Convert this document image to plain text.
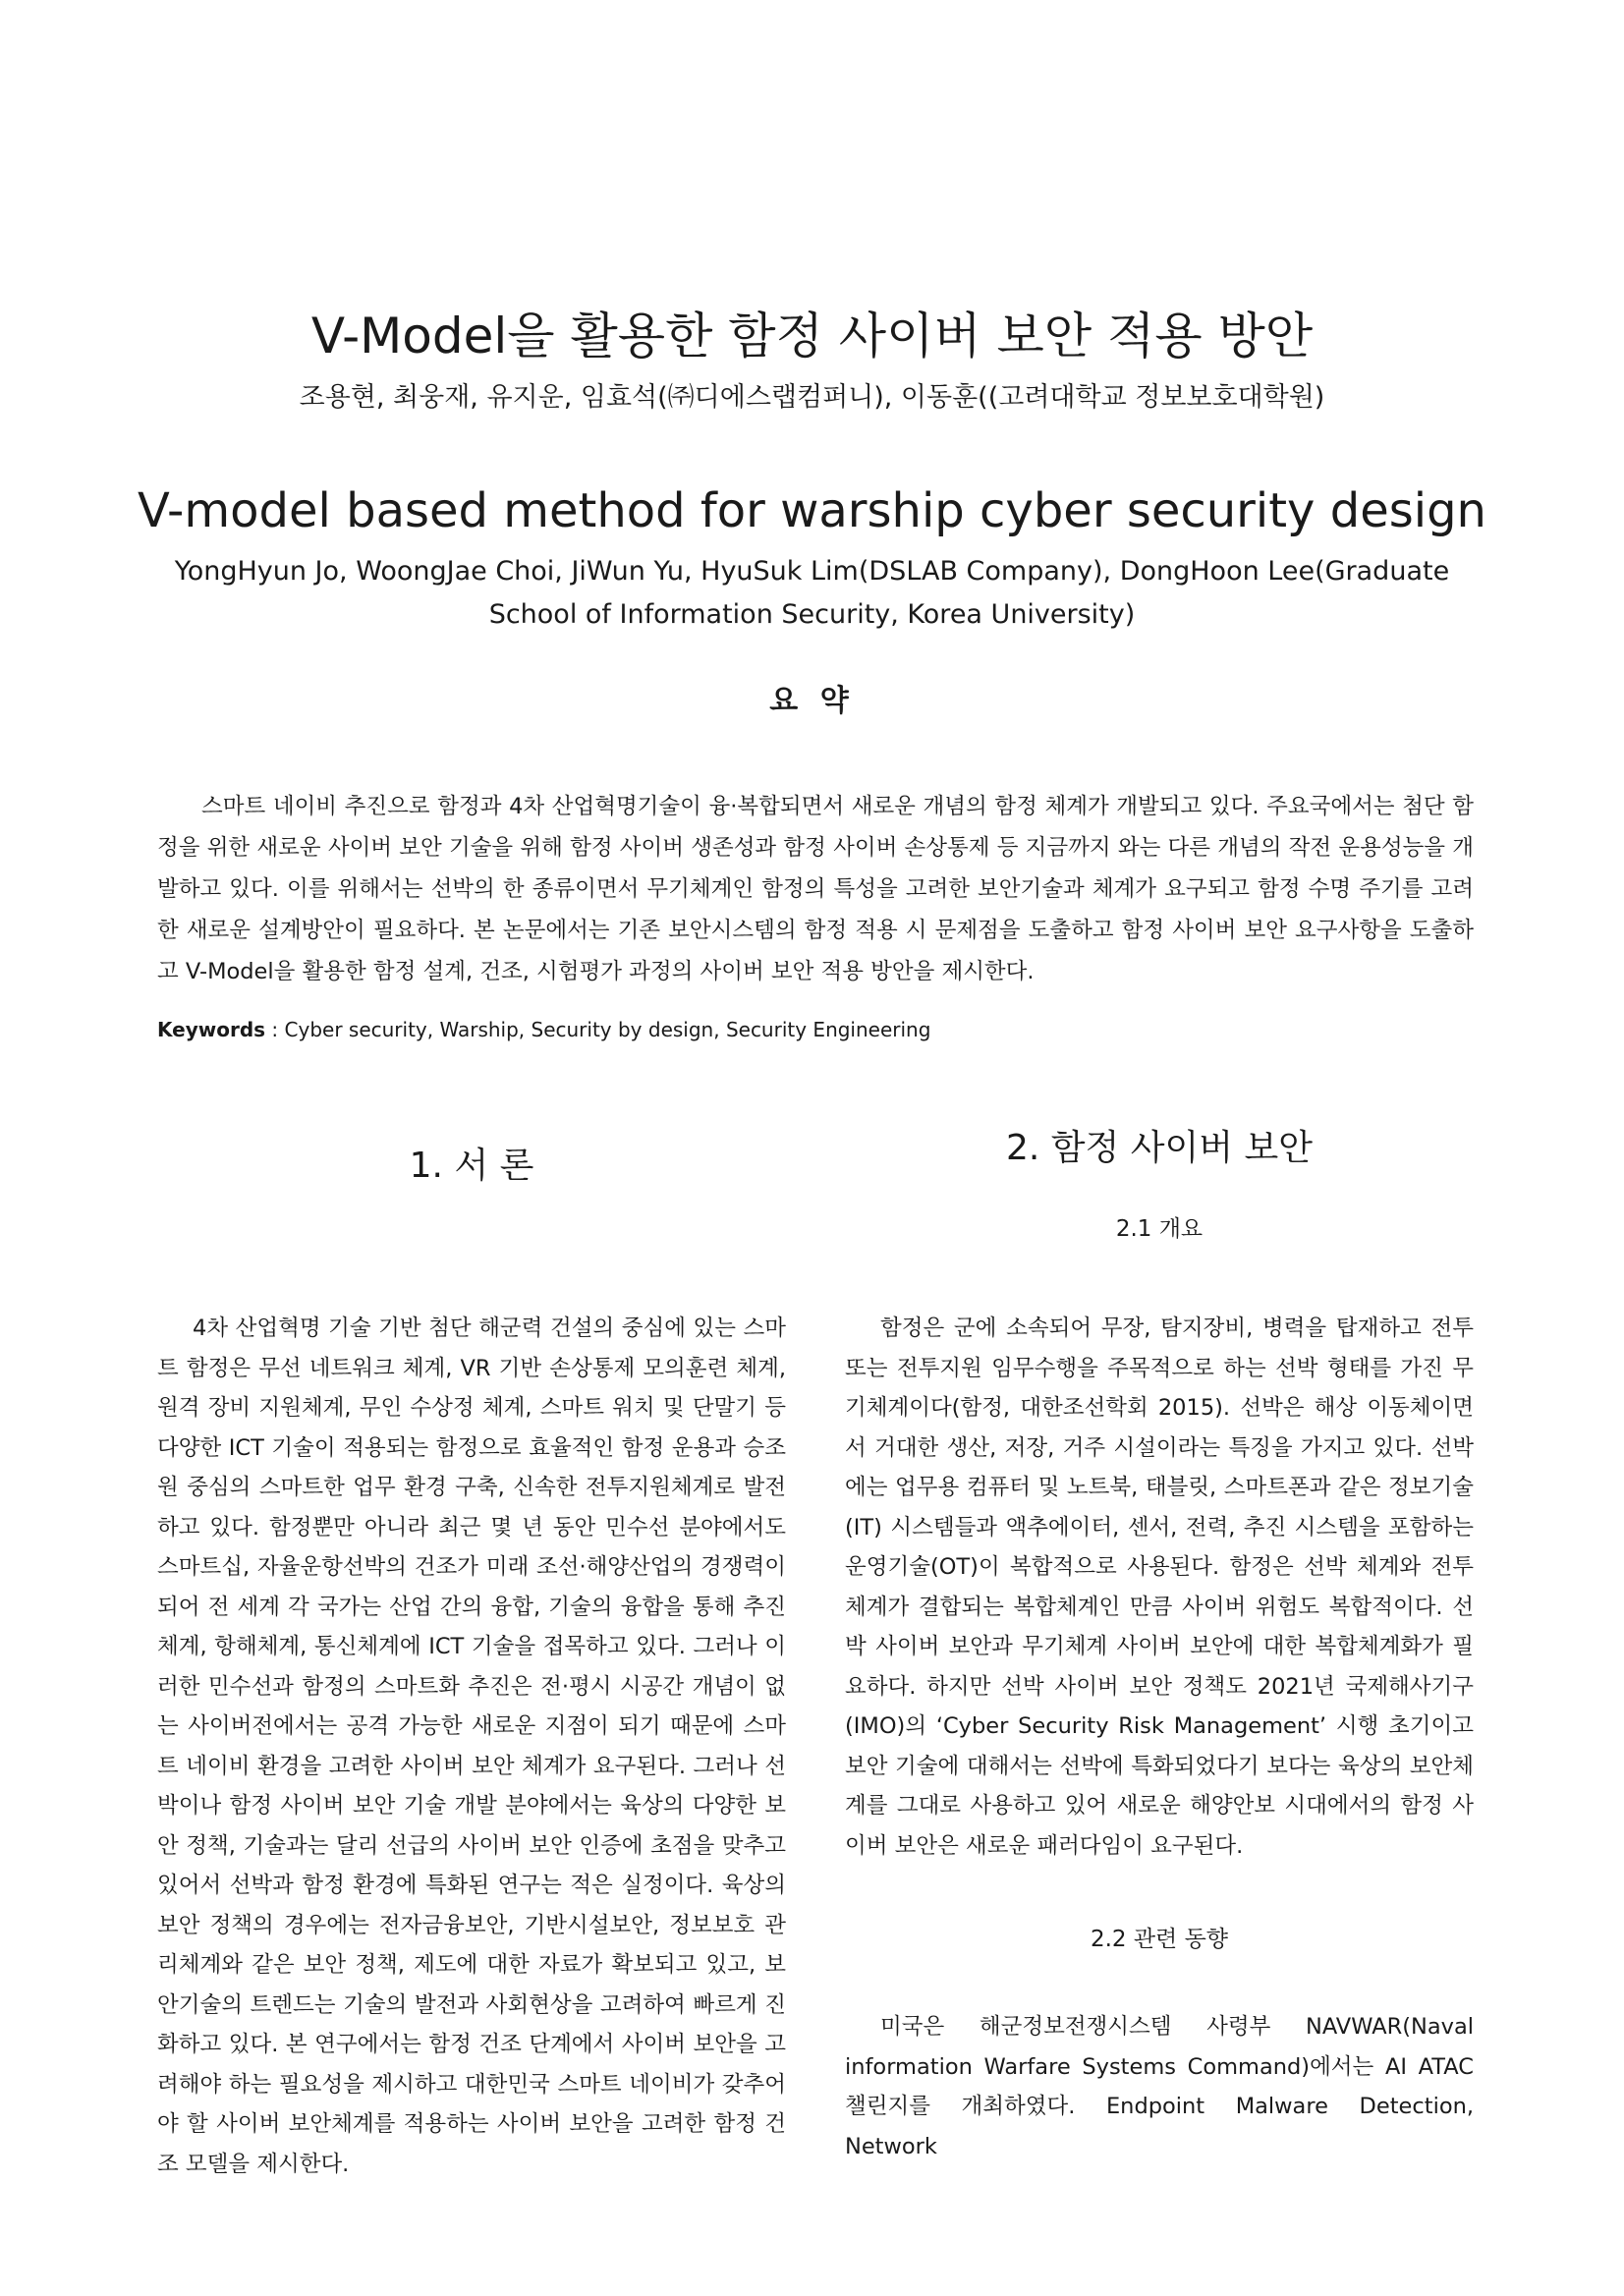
V-Model을 활용한 함정 사이버 보안 적용 방안

조용현, 최웅재, 유지운, 임효석(㈜디에스랩컴퍼니), 이동훈((고려대학교 정보보호대학원)

V-model based method for warship cyber security design

YongHyun Jo, WoongJae Choi, JiWun Yu, HyuSuk Lim(DSLAB Company), DongHoon Lee(Graduate School of Information Security, Korea University)

요 약

스마트 네이비 추진으로 함정과 4차 산업혁명기술이 융·복합되면서 새로운 개념의 함정 체계가 개발되고 있다. 주요국에서는 첨단 함정을 위한 새로운 사이버 보안 기술을 위해 함정 사이버 생존성과 함정 사이버 손상통제 등 지금까지 와는 다른 개념의 작전 운용성능을 개발하고 있다. 이를 위해서는 선박의 한 종류이면서 무기체계인 함정의 특성을 고려한 보안기술과 체계가 요구되고 함정 수명 주기를 고려한 새로운 설계방안이 필요하다. 본 논문에서는 기존 보안시스템의 함정 적용 시 문제점을 도출하고 함정 사이버 보안 요구사항을 도출하고 V-Model을 활용한 함정 설계, 건조, 시험평가 과정의 사이버 보안 적용 방안을 제시한다.

Keywords : Cyber security, Warship, Security by design, Security Engineering

1. 서 론

4차 산업혁명 기술 기반 첨단 해군력 건설의 중심에 있는 스마트 함정은 무선 네트워크 체계, VR 기반 손상통제 모의훈련 체계, 원격 장비 지원체계, 무인 수상정 체계, 스마트 워치 및 단말기 등 다양한 ICT 기술이 적용되는 함정으로 효율적인 함정 운용과 승조원 중심의 스마트한 업무 환경 구축, 신속한 전투지원체계로 발전하고 있다. 함정뿐만 아니라 최근 몇 년 동안 민수선 분야에서도 스마트십, 자율운항선박의 건조가 미래 조선·해양산업의 경쟁력이 되어 전 세계 각 국가는 산업 간의 융합, 기술의 융합을 통해 추진체계, 항해체계, 통신체계에 ICT 기술을 접목하고 있다. 그러나 이러한 민수선과 함정의 스마트화 추진은 전·평시 시공간 개념이 없는 사이버전에서는 공격 가능한 새로운 지점이 되기 때문에 스마트 네이비 환경을 고려한 사이버 보안 체계가 요구된다. 그러나 선박이나 함정 사이버 보안 기술 개발 분야에서는 육상의 다양한 보안 정책, 기술과는 달리 선급의 사이버 보안 인증에 초점을 맞추고 있어서 선박과 함정 환경에 특화된 연구는 적은 실정이다. 육상의 보안 정책의 경우에는 전자금융보안, 기반시설보안, 정보보호 관리체계와 같은 보안 정책, 제도에 대한 자료가 확보되고 있고, 보안기술의 트렌드는 기술의 발전과 사회현상을 고려하여 빠르게 진화하고 있다. 본 연구에서는 함정 건조 단계에서 사이버 보안을 고려해야 하는 필요성을 제시하고 대한민국 스마트 네이비가 갖추어야 할 사이버 보안체계를 적용하는 사이버 보안을 고려한 함정 건조 모델을 제시한다.

2. 함정 사이버 보안
2.1 개요

함정은 군에 소속되어 무장, 탐지장비, 병력을 탑재하고 전투 또는 전투지원 임무수행을 주목적으로 하는 선박 형태를 가진 무기체계이다(함정, 대한조선학회 2015). 선박은 해상 이동체이면서 거대한 생산, 저장, 거주 시설이라는 특징을 가지고 있다. 선박에는 업무용 컴퓨터 및 노트북, 태블릿, 스마트폰과 같은 정보기술(IT) 시스템들과 액추에이터, 센서, 전력, 추진 시스템을 포함하는 운영기술(OT)이 복합적으로 사용된다. 함정은 선박 체계와 전투체계가 결합되는 복합체계인 만큼 사이버 위험도 복합적이다. 선박 사이버 보안과 무기체계 사이버 보안에 대한 복합체계화가 필요하다. 하지만 선박 사이버 보안 정책도 2021년 국제해사기구(IMO)의 ‘Cyber Security Risk Management’ 시행 초기이고 보안 기술에 대해서는 선박에 특화되었다기 보다는 육상의 보안체계를 그대로 사용하고 있어 새로운 해양안보 시대에서의 함정 사이버 보안은 새로운 패러다임이 요구된다.

2.2 관련 동향

미국은 해군정보전쟁시스템 사령부 NAVWAR(Naval information Warfare Systems Command)에서는 AI ATAC 챌린지를 개최하였다. Endpoint Malware Detection, Network
